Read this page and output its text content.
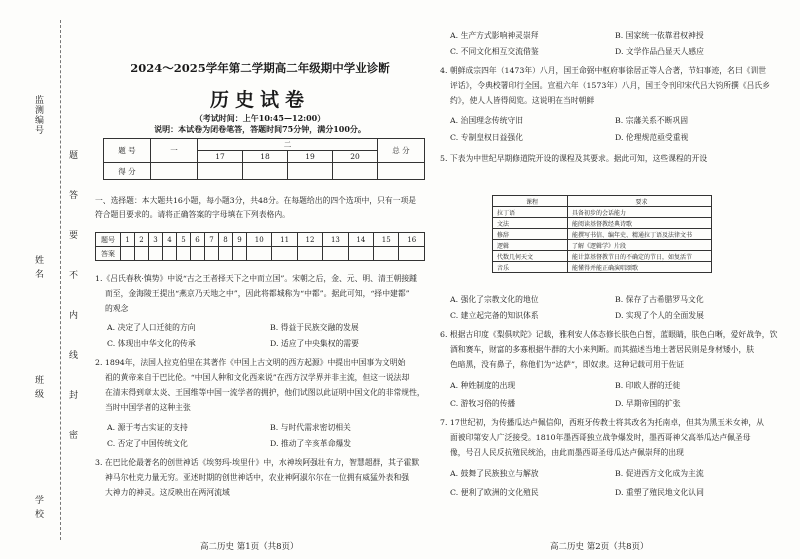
监测编号
姓 名
班 级
学 校
题
答
要
不
内
线
封
密
2024～2025学年第二学期高二年级期中学业诊断
历史试卷
（考试时间：上午10:45—12:00）
说明：本试卷为闭卷笔答，答题时间75分钟，满分100分。
题 号	一	二				总 分
		17	18	19	20	
得 分						
一、选择题：本大题共16小题，每小题3分，共48分。在每题给出的四个选项中，只有一项是
符合题目要求的。请将正确答案的字母填在下列表格内。
题号	1	2	3	4	5	6	7	8	9	10	11	12	13	14	15	16
答案																
1.《吕氏春秋·慎势》中说“古之王者择天下之中而立国”。宋朝之后，金、元、明、清王朝接踵
而至，金海陵王提出“燕京乃天地之中”，因此将都城称为“中都”。据此可知，“择中建都”
的观念
A. 决定了人口迁徙的方向	B. 得益于民族交融的发展
C. 体现出中华文化的传承	D. 适应了中央集权的需要
2. 1894年，法国人拉克伯里在其著作《中国上古文明的西方起源》中提出中国事为文明始
祖的黄帝来自于巴比伦。“中国人种和文化西来说”在西方汉学界并非主流，但这一说法却
在清末得到章太炎、王国维等中国一流学者的拥护，他们试图以此证明中国文化的非常规性，
当时中国学者的这种主张
A. 源于考古实证的支持	B. 与时代需求密切相关
C. 否定了中国传统文化	D. 推动了辛亥革命爆发
3. 在巴比伦最著名的创世神话《埃努玛·埃里什》中，水神埃阿强壮有力，智慧超群，其子霍默
神马尔杜克力量无穷。亚述时期的创世神话中，农业神阿淑尔尔在一位拥有威猛外表和强
大神力的神灵。这反映出在两河流域
高二历史 第1页（共8页）
A. 生产方式影响神灵崇拜	B. 国家统一依靠君权神授
C. 不同文化相互交流借鉴	D. 文学作品凸显天人感应
4. 朝鲜成宗四年（1473年）八月，国王命弼中枢府事徐居正等人合著，节妇事迹，名曰《训世
评话》，令典校署印行全国。宣祖六年（1573年）八月，国王令刊印宋代吕大钧所撰《吕氏乡
约》，使人人皆得阅览。这说明在当时朝鲜
A. 治国理念传统守旧	B. 宗藩关系不断巩固
C. 专制皇权日益强化	D. 伦理规范亟受重视
5. 下表为中世纪早期修道院开设的课程及其要求。据此可知，这些课程的开设
课程	要求
拉丁语	具备初步的会话能力
文法	能阅读基督教经典诗歌
修辞	能撰写书信、编年史、精通拉丁语及法律文书
逻辑	了解《逻辑学》片段
代数几何天文	能计算基督教节日的不确定的节日，如复活节
音乐	能懂得并能正确演唱颂歌
A. 强化了宗教文化的地位	B. 保存了古希腊罗马文化
C. 建立起完备的知识体系	D. 实现了个人的全面发展
6. 根据古印度《梨俱吠陀》记载，雅利安人体态修长肤色白皙，蓝眼睛，肤色白晰，爱好战争，饮
酒和赛车，财富的多寡根据牛群的大小来判断。而其描述当地土著居民则是身材矮小，肤
色暗黑，没有鼻子，称他们为“达萨”，即奴隶。这种记载可用于佐证
A. 种姓制度的出现	B. 印欧人群的迁徙
C. 游牧习俗的传播	D. 早期帝国的扩张
7. 17世纪初，为传播瓜达卢佩信仰，西班牙传教士将其改名为托南卓，但其为黑玉米女神，从
面被印第安人广泛接受。1810年墨西哥独立战争爆发时，墨西哥神父高举瓜达卢佩圣母
像，号召人民反抗殖民统治，由此而墨西哥圣母瓜达卢佩崇拜的出现
A. 鼓舞了民族独立与解放	B. 促进西方文化成为主流
C. 便利了欧洲的文化殖民	D. 重塑了殖民地文化认同
高二历史 第2页（共8页）
